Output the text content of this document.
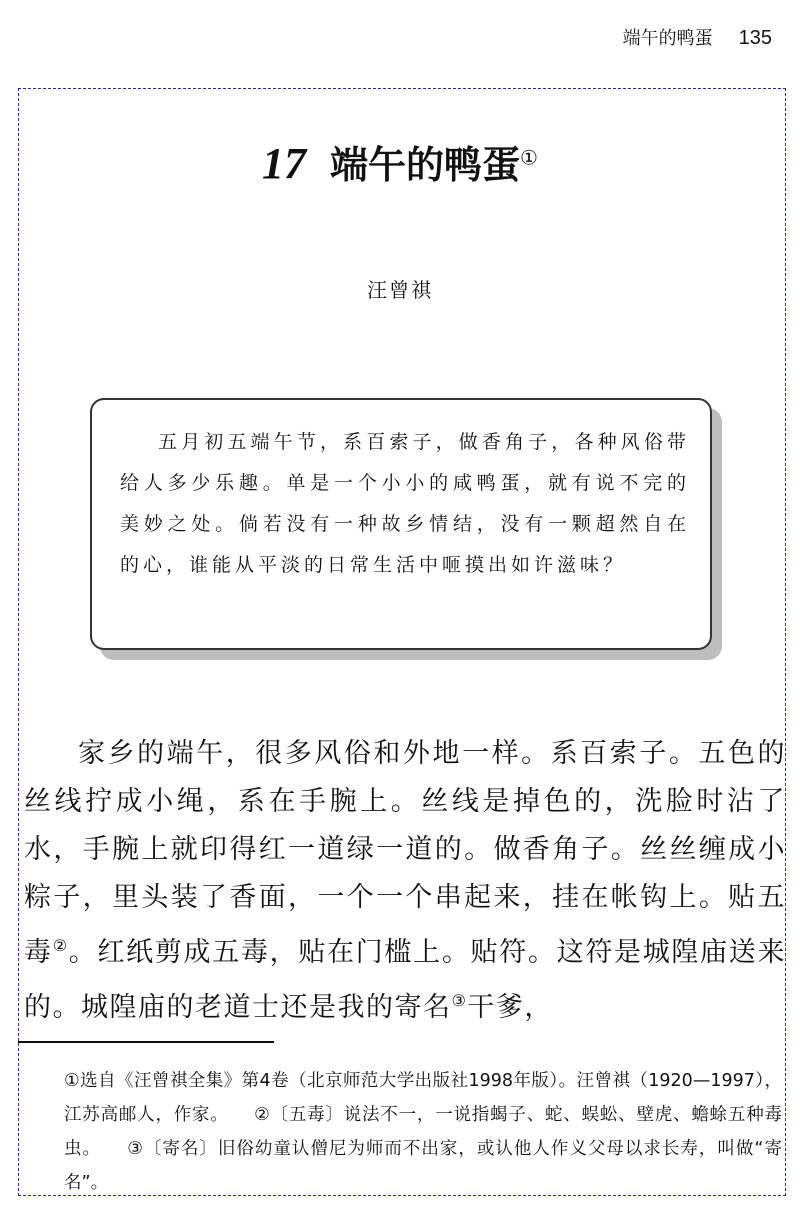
端午的鸭蛋 135
17 端午的鸭蛋①
汪曾祺
五月初五端午节，系百索子，做香角子，各种风俗带给人多少乐趣。单是一个小小的咸鸭蛋，就有说不完的美妙之处。倘若没有一种故乡情结，没有一颗超然自在的心，谁能从平淡的日常生活中咂摸出如许滋味？
家乡的端午，很多风俗和外地一样。系百索子。五色的丝线拧成小绳，系在手腕上。丝线是掉色的，洗脸时沾了水，手腕上就印得红一道绿一道的。做香角子。丝丝缠成小粽子，里头装了香面，一个一个串起来，挂在帐钩上。贴五毒②。红纸剪成五毒，贴在门槛上。贴符。这符是城隍庙送来的。城隍庙的老道士还是我的寄名③干爹，
①选自《汪曾祺全集》第4卷（北京师范大学出版社1998年版）。汪曾祺（1920—1997），江苏高邮人，作家。 ②〔五毒〕说法不一，一说指蝎子、蛇、蜈蚣、壁虎、蟾蜍五种毒虫。 ③〔寄名〕旧俗幼童认僧尼为师而不出家，或认他人作义父母以求长寿，叫做“寄名”。
